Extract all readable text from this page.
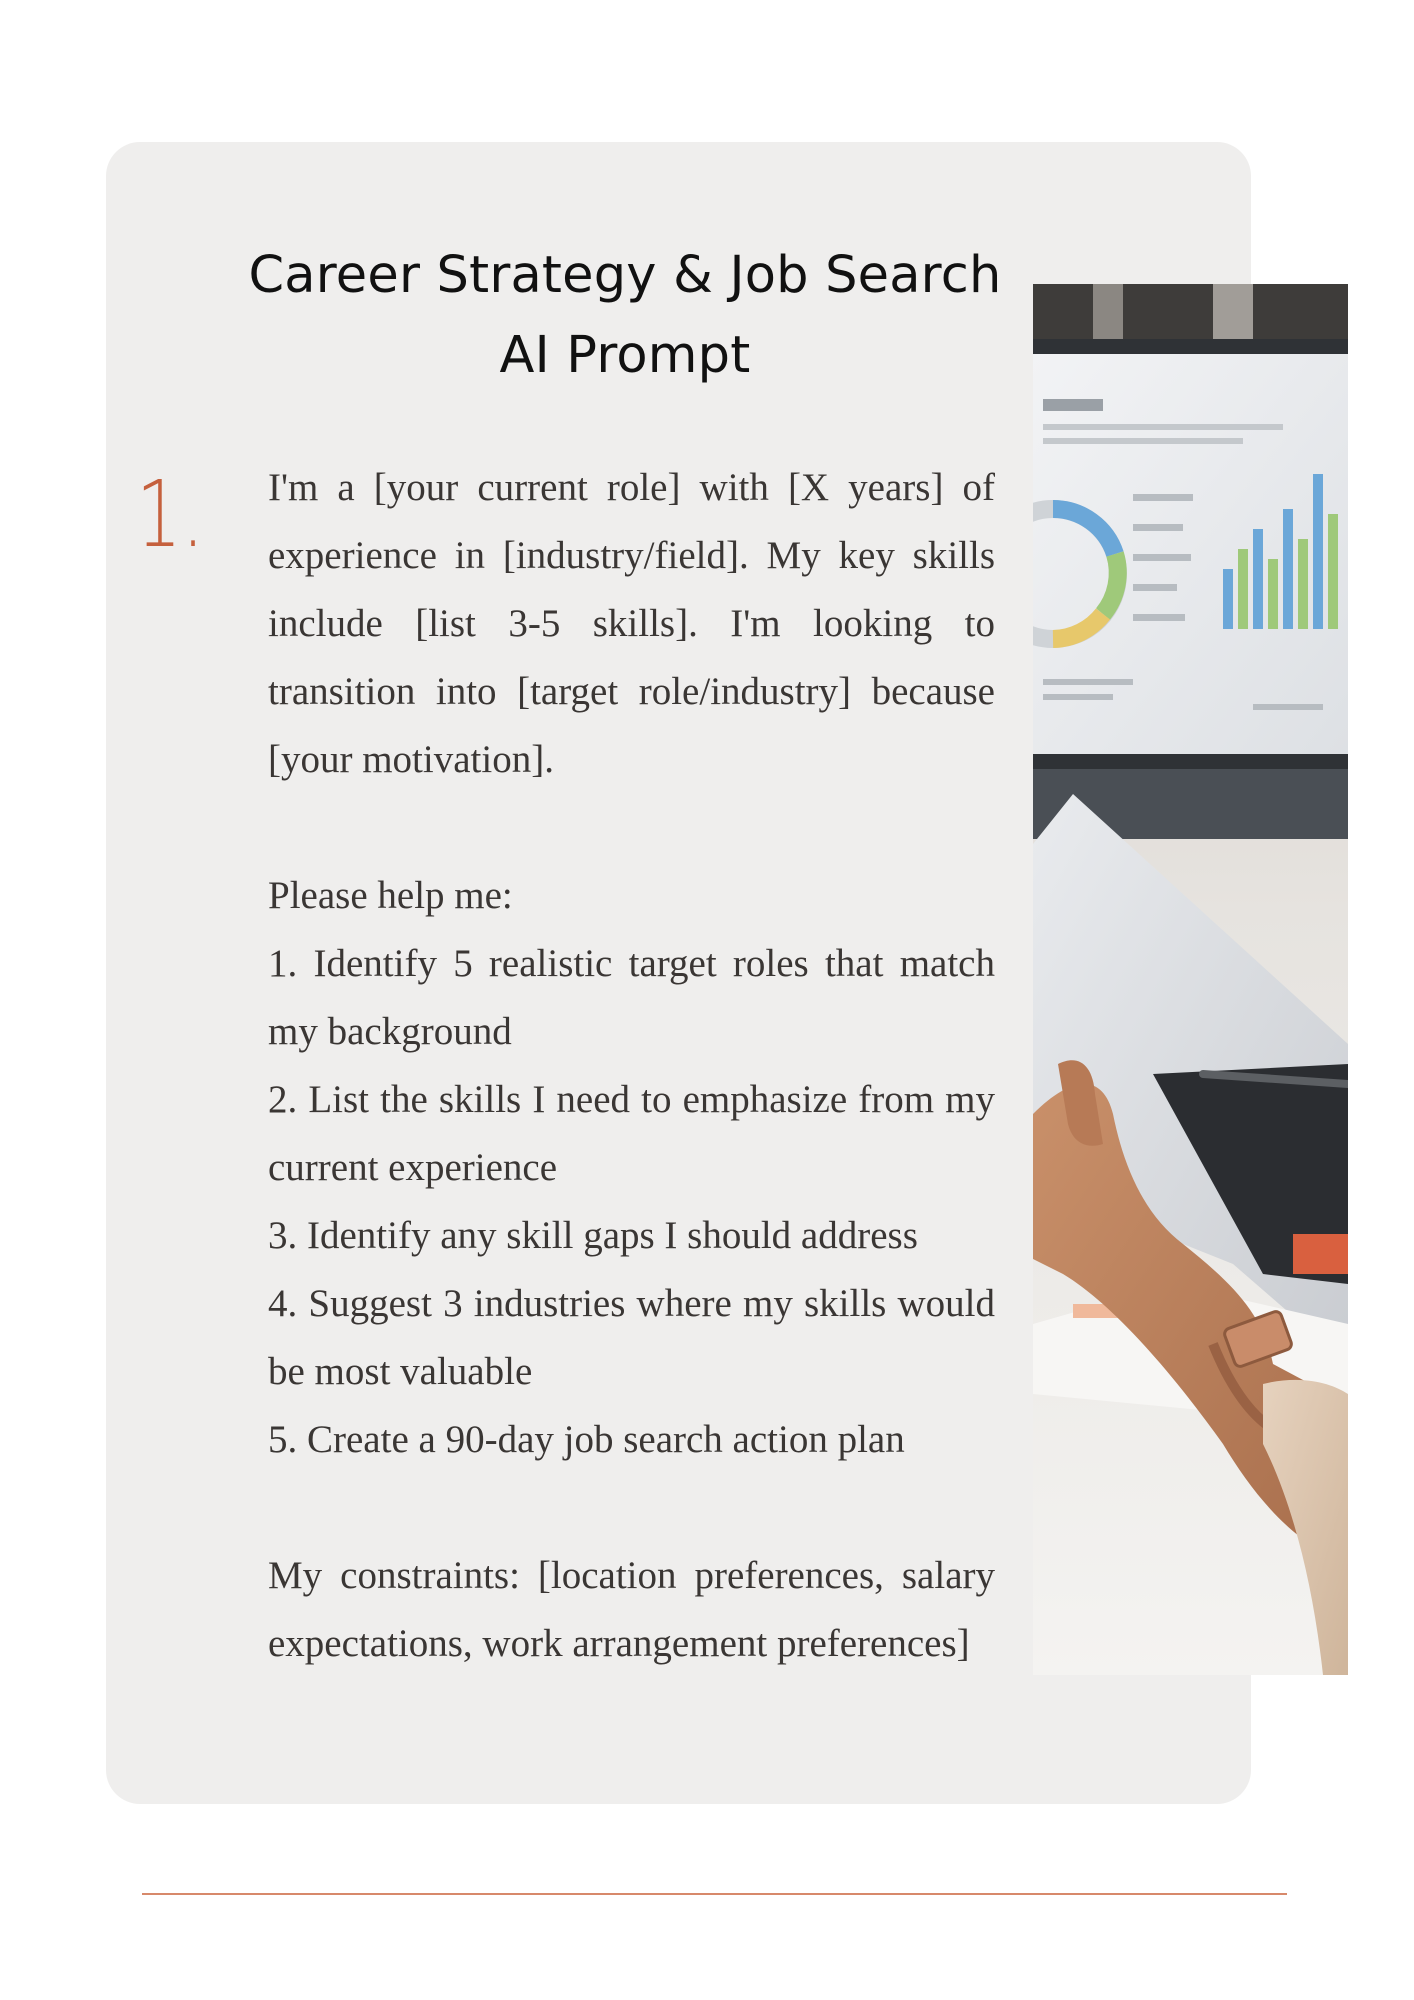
Career Strategy & Job Search AI Prompt
1. I'm a [your current role] with [X years] of experience in [industry/field]. My key skills include [list 3-5 skills]. I'm looking to transition into [target role/industry] because [your motivation].

Please help me:

1. Identify 5 realistic target roles that match my background

2. List the skills I need to emphasize from my current experience

3. Identify any skill gaps I should address

4. Suggest 3 industries where my skills would be most valuable

5. Create a 90-day job search action plan

My constraints: [location preferences, salary expectations, work arrangement preferences]
